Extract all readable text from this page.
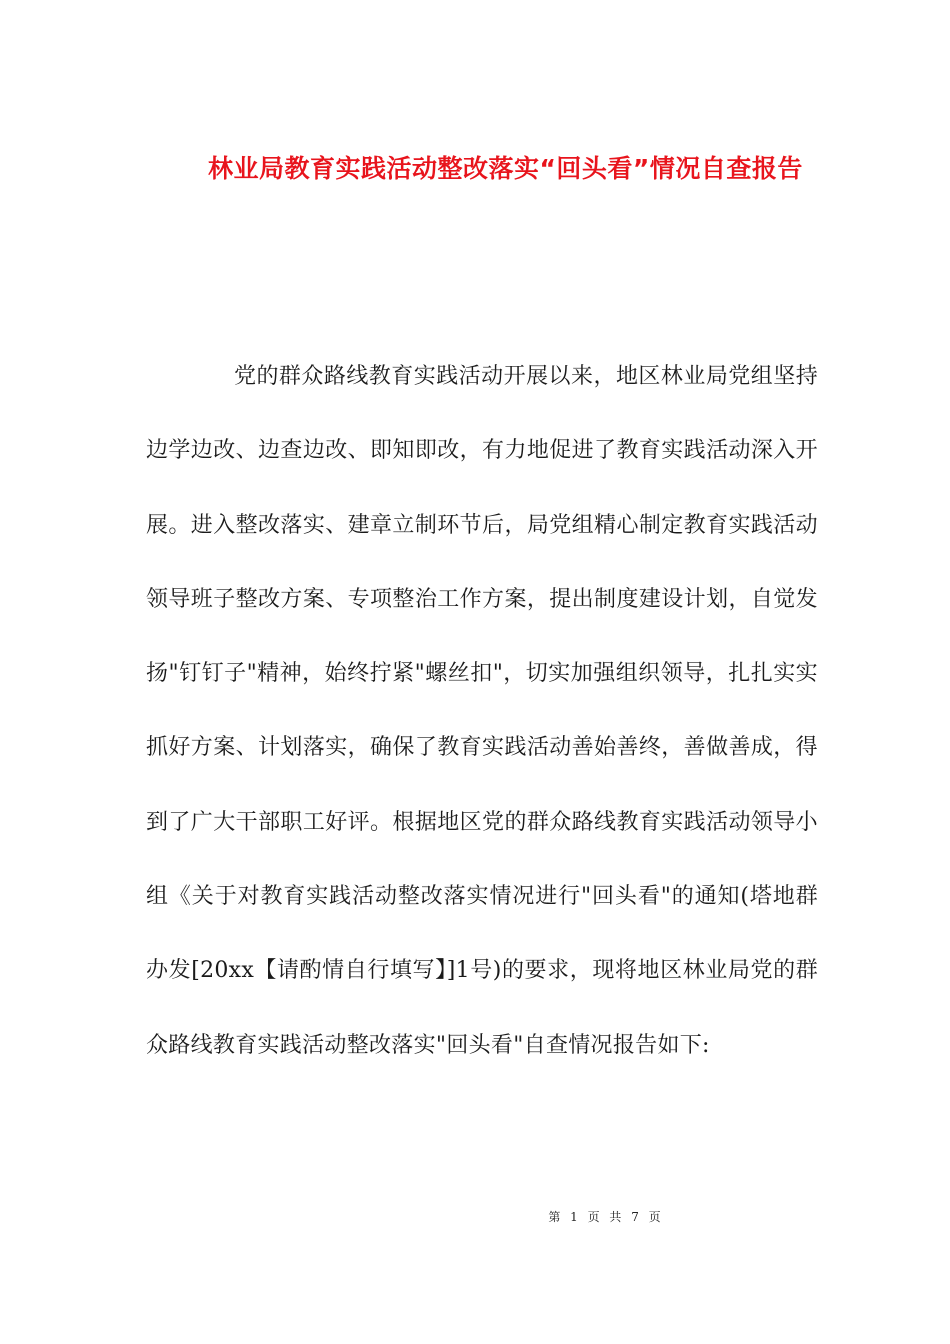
林业局教育实践活动整改落实“回头看”情况自查报告

党的群众路线教育实践活动开展以来，地区林业局党组坚持边学边改、边查边改、即知即改，有力地促进了教育实践活动深入开展。进入整改落实、建章立制环节后，局党组精心制定教育实践活动领导班子整改方案、专项整治工作方案，提出制度建设计划，自觉发扬"钉钉子"精神，始终拧紧"螺丝扣"，切实加强组织领导，扎扎实实抓好方案、计划落实，确保了教育实践活动善始善终，善做善成，得到了广大干部职工好评。根据地区党的群众路线教育实践活动领导小组《关于对教育实践活动整改落实情况进行"回头看"的通知(塔地群办发[20xx【请酌情自行填写】]1号)的要求，现将地区林业局党的群众路线教育实践活动整改落实"回头看"自查情况报告如下:

第 1 页 共 7 页
